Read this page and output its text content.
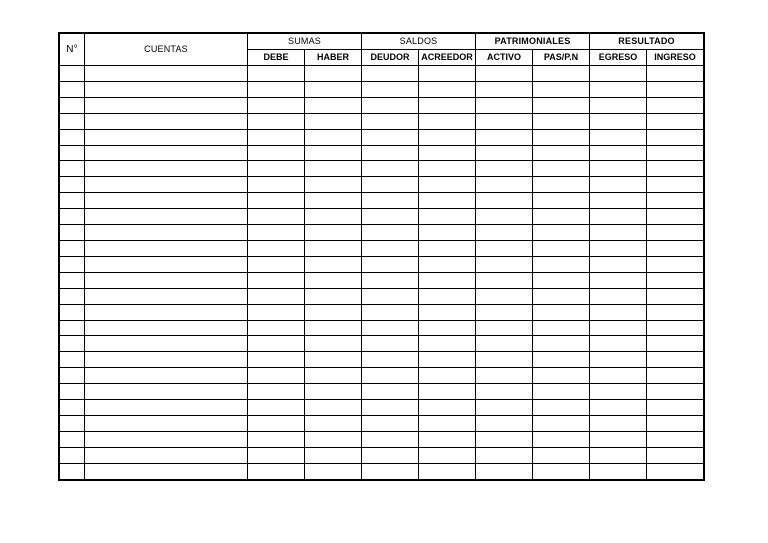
N°	CUENTAS	SUMAS		SALDOS		PATRIMONIALES		RESULTADO	
		DEBE	HABER	DEUDOR	ACREEDOR	ACTIVO	PAS/P.N	EGRESO	INGRESO
